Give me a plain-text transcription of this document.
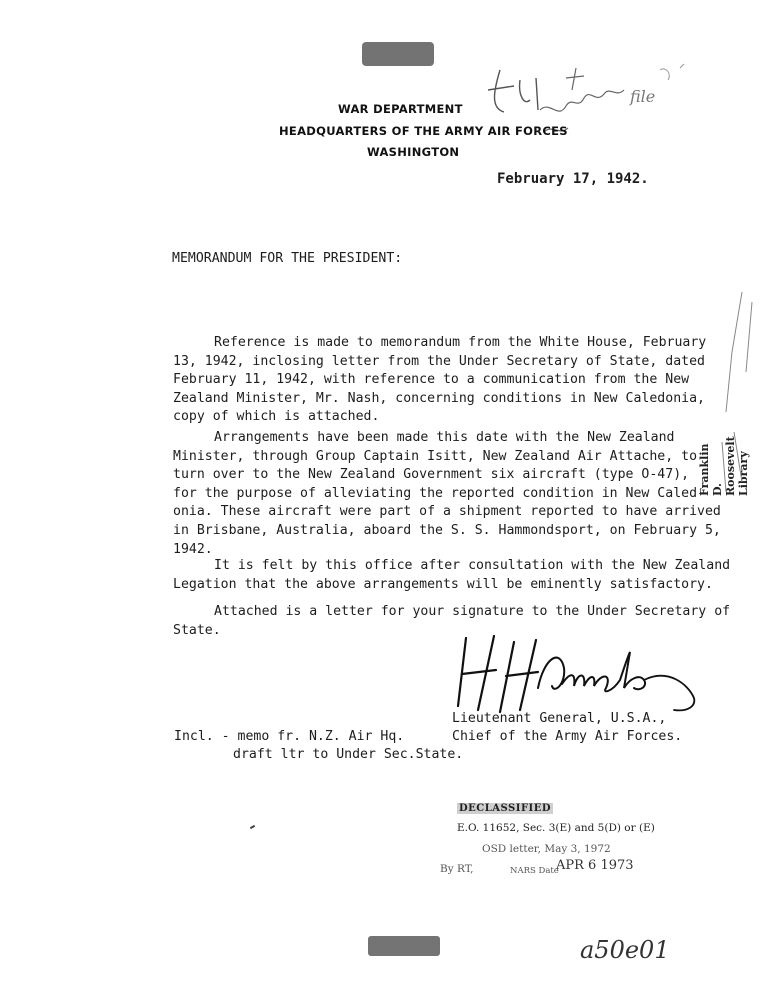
file
WAR DEPARTMENT
HEADQUARTERS OF THE ARMY AIR FORCES
WASHINGTON
February 17, 1942.
MEMORANDUM FOR THE PRESIDENT:
Reference is made to memorandum from the White House, February
13, 1942, inclosing letter from the Under Secretary of State, dated
February 11, 1942, with reference to a communication from the New
Zealand Minister, Mr. Nash, concerning conditions in New Caledonia,
copy of which is attached.
Arrangements have been made this date with the New Zealand
Minister, through Group Captain Isitt, New Zealand Air Attache, to
turn over to the New Zealand Government six aircraft (type O-47),
for the purpose of alleviating the reported condition in New Caled-
onia. These aircraft were part of a shipment reported to have arrived
in Brisbane, Australia, aboard the S. S. Hammondsport, on February 5,
1942.
It is felt by this office after consultation with the New Zealand
Legation that the above arrangements will be eminently satisfactory.
Attached is a letter for your signature to the Under Secretary of
State.
Lieutenant General, U.S.A.,
Chief of the Army Air Forces.
Incl. - memo fr. N.Z. Air Hq.
draft ltr to Under Sec.State.
DECLASSIFIED
E.O. 11652, Sec. 3(E) and 5(D) or (E)
OSD letter, May 3, 1972
By RT,	NARS Date
APR 6 1973
a50e01
Franklin D. Roosevelt Library
